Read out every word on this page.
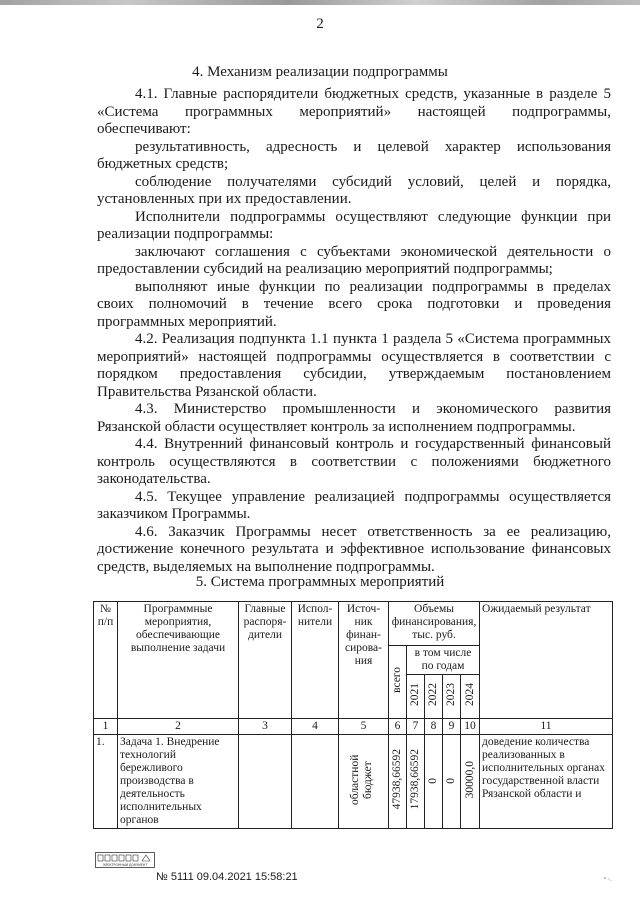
2
4. Механизм реализации подпрограммы

4.1. Главные распорядители бюджетных средств, указанные в разделе 5 «Система программных мероприятий» настоящей подпрограммы, обеспечивают:

результативность, адресность и целевой характер использования бюджетных средств;

соблюдение получателями субсидий условий, целей и порядка, установленных при их предоставлении.

Исполнители подпрограммы осуществляют следующие функции при реализации подпрограммы:

заключают соглашения с субъектами экономической деятельности о предоставлении субсидий на реализацию мероприятий подпрограммы;

выполняют иные функции по реализации подпрограммы в пределах своих полномочий в течение всего срока подготовки и проведения программных мероприятий.

4.2. Реализация подпункта 1.1 пункта 1 раздела 5 «Система программных мероприятий» настоящей подпрограммы осуществляется в соответствии с порядком предоставления субсидии, утверждаемым постановлением Правительства Рязанской области.

4.3. Министерство промышленности и экономического развития Рязанской области осуществляет контроль за исполнением подпрограммы.

4.4. Внутренний финансовый контроль и государственный финансовый контроль осуществляются в соответствии с положениями бюджетного законодательства.

4.5. Текущее управление реализацией подпрограммы осуществляется заказчиком Программы.

4.6. Заказчик Программы несет ответственность за ее реализацию, достижение конечного результата и эффективное использование финансовых средств, выделяемых на выполнение подпрограммы.

5. Система программных мероприятий
№ п/п	Программные мероприятия, обеспечивающие выполнение задачи	Главные распоря-дители	Испол-нители	Источ-ник финан-сирова-ния	Объемы финансирования, тыс. руб.					Ожидаемый результат
					всего	в том числе по годам				
						2021	2022	2023	2024	
1	2	3	4	5	6	7	8	9	10	11
1.	Задача 1. Внедрение технологий бережливого производства в деятельность исполнительных органов			областной бюджет	47938,66592	17938,66592	0	0	30000,0	доведение количества реализованных в исполнительных органах государственной власти Рязанской области и
ЭЛЕКТРОННЫЙ ДОКУМЕНТ
№ 5111 09.04.2021 15:58:21
